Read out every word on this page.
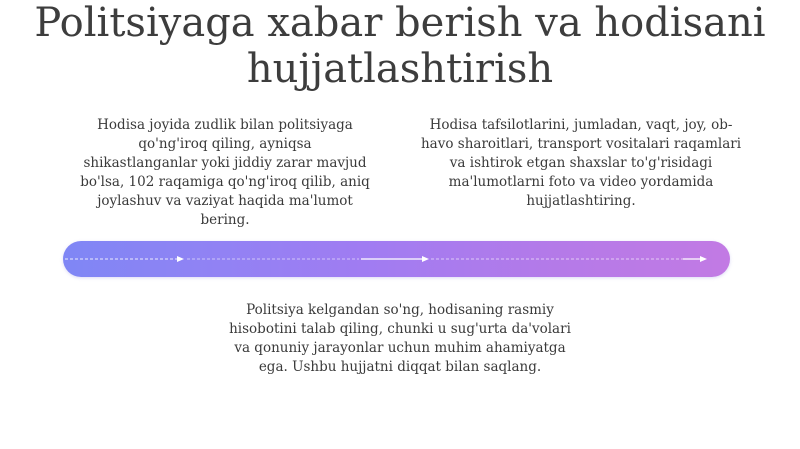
Politsiyaga xabar berish va hodisani hujjatlashtirish

Hodisa joyida zudlik bilan politsiyaga qo'ng'iroq qiling, ayniqsa shikastlanganlar yoki jiddiy zarar mavjud bo'lsa, 102 raqamiga qo'ng'iroq qilib, aniq joylashuv va vaziyat haqida ma'lumot bering.

Hodisa tafsilotlarini, jumladan, vaqt, joy, ob-havo sharoitlari, transport vositalari raqamlari va ishtirok etgan shaxslar to'g'risidagi ma'lumotlarni foto va video yordamida hujjatlashtiring.

Politsiya kelgandan so'ng, hodisaning rasmiy hisobotini talab qiling, chunki u sug'urta da'volari va qonuniy jarayonlar uchun muhim ahamiyatga ega. Ushbu hujjatni diqqat bilan saqlang.
